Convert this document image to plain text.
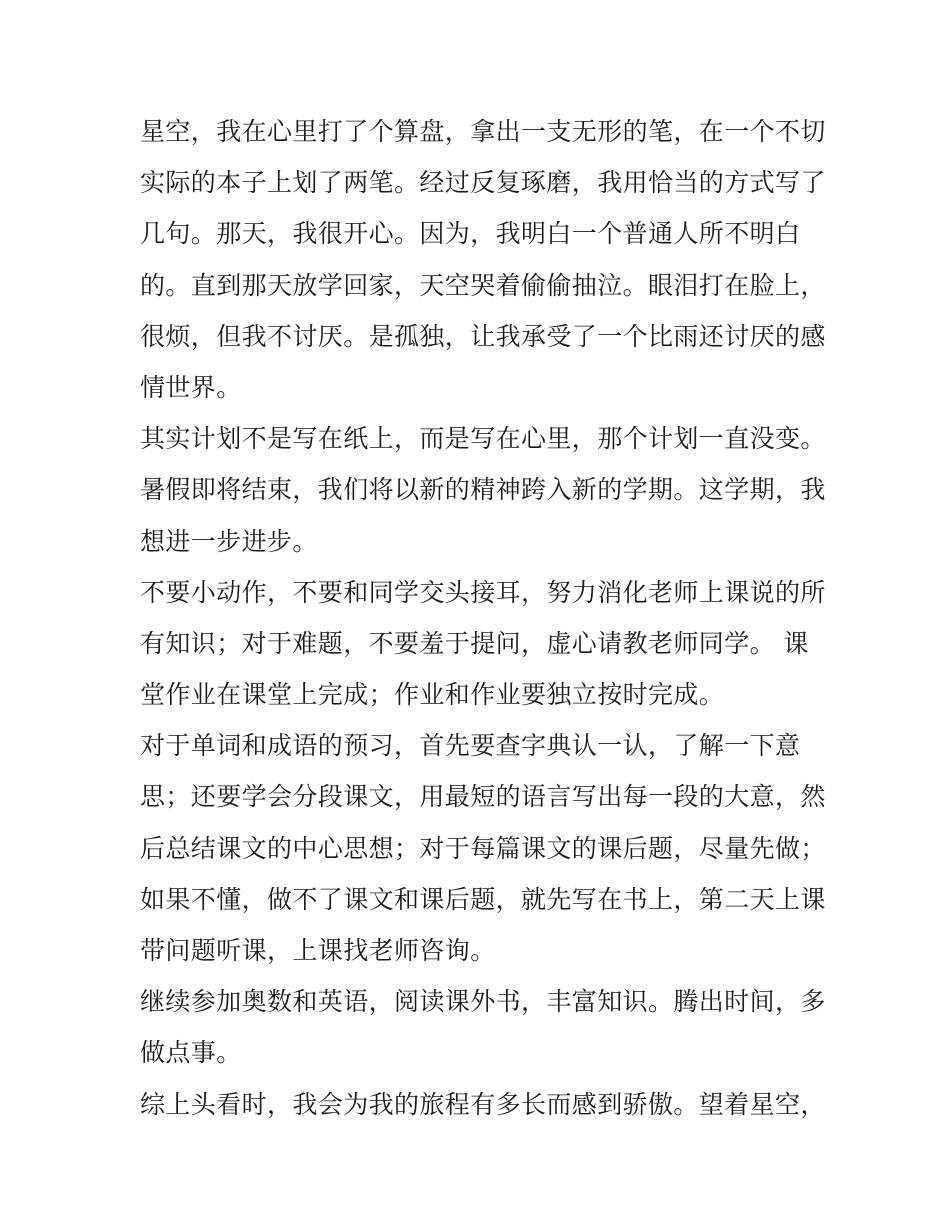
星空，我在心里打了个算盘，拿出一支无形的笔，在一个不切
实际的本子上划了两笔。经过反复琢磨，我用恰当的方式写了
几句。那天，我很开心。因为，我明白一个普通人所不明白
的。直到那天放学回家，天空哭着偷偷抽泣。眼泪打在脸上，
很烦，但我不讨厌。是孤独，让我承受了一个比雨还讨厌的感
情世界。
其实计划不是写在纸上，而是写在心里，那个计划一直没变。
暑假即将结束，我们将以新的精神跨入新的学期。这学期，我
想进一步进步。
不要小动作，不要和同学交头接耳，努力消化老师上课说的所
有知识；对于难题，不要羞于提问，虚心请教老师同学。 课
堂作业在课堂上完成；作业和作业要独立按时完成。
对于单词和成语的预习，首先要查字典认一认，了解一下意
思；还要学会分段课文，用最短的语言写出每一段的大意，然
后总结课文的中心思想；对于每篇课文的课后题，尽量先做；
如果不懂，做不了课文和课后题，就先写在书上，第二天上课
带问题听课，上课找老师咨询。
继续参加奥数和英语，阅读课外书，丰富知识。腾出时间，多
做点事。
综上头看时，我会为我的旅程有多长而感到骄傲。望着星空，
